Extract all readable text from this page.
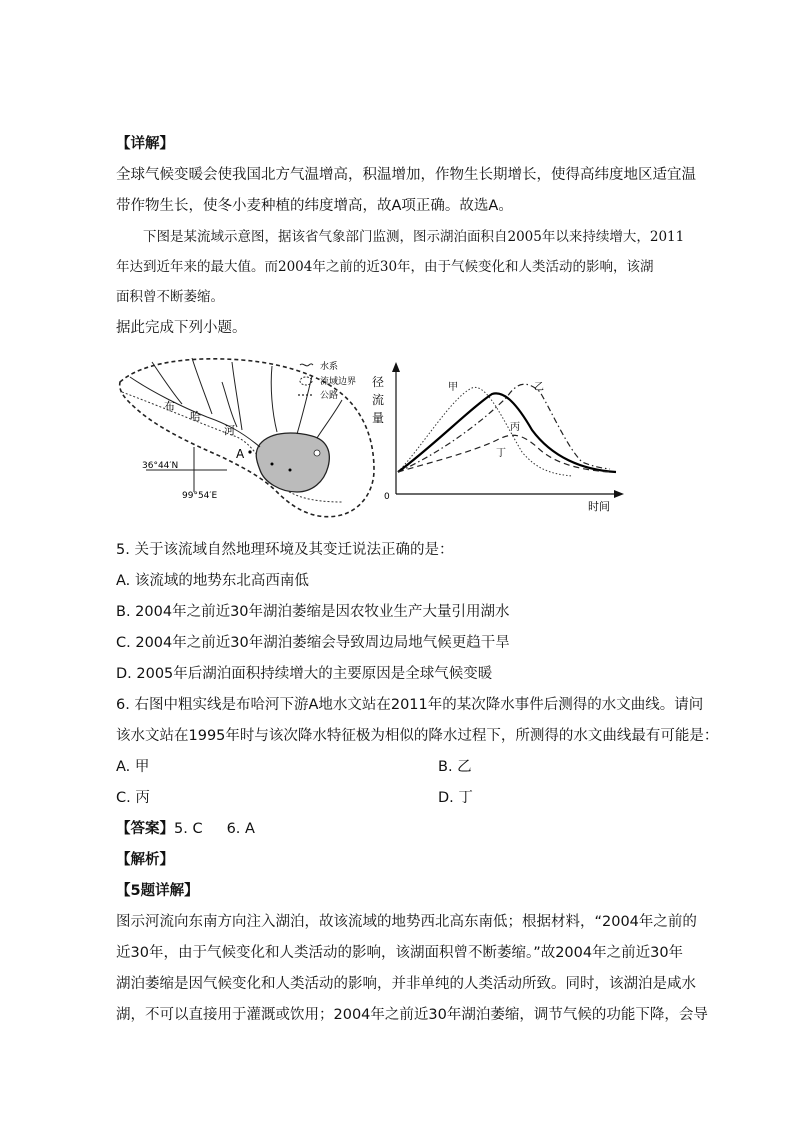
【详解】
全球气候变暖会使我国北方气温增高，积温增加，作物生长期增长，使得高纬度地区适宜温
带作物生长，使冬小麦种植的纬度增高，故A项正确。故选A。
下图是某流域示意图，据该省气象部门监测，图示湖泊面积自2005年以来持续增大，2011
年达到近年来的最大值。而2004年之前的近30年，由于气候变化和人类活动的影响，该湖
面积曾不断萎缩。
据此完成下列小题。
布
哈
河
A
36°44′N
99°54′E
水系
流域边界
公路
径
流
量
0
时间
甲	乙
丙
丁
5. 关于该流域自然地理环境及其变迁说法正确的是：
A. 该流域的地势东北高西南低
B. 2004年之前近30年湖泊萎缩是因农牧业生产大量引用湖水
C. 2004年之前近30年湖泊萎缩会导致周边局地气候更趋干旱
D. 2005年后湖泊面积持续增大的主要原因是全球气候变暖
6. 右图中粗实线是布哈河下游A地水文站在2011年的某次降水事件后测得的水文曲线。请问
该水文站在1995年时与该次降水特征极为相似的降水过程下，所测得的水文曲线最有可能是：
A. 甲	B. 乙
C. 丙	D. 丁
【答案】5. C 6. A
【解析】
【5题详解】
图示河流向东南方向注入湖泊，故该流域的地势西北高东南低；根据材料，“2004年之前的
近30年，由于气候变化和人类活动的影响，该湖面积曾不断萎缩。”故2004年之前近30年
湖泊萎缩是因气候变化和人类活动的影响，并非单纯的人类活动所致。同时，该湖泊是咸水
湖，不可以直接用于灌溉或饮用；2004年之前近30年湖泊萎缩，调节气候的功能下降，会导
